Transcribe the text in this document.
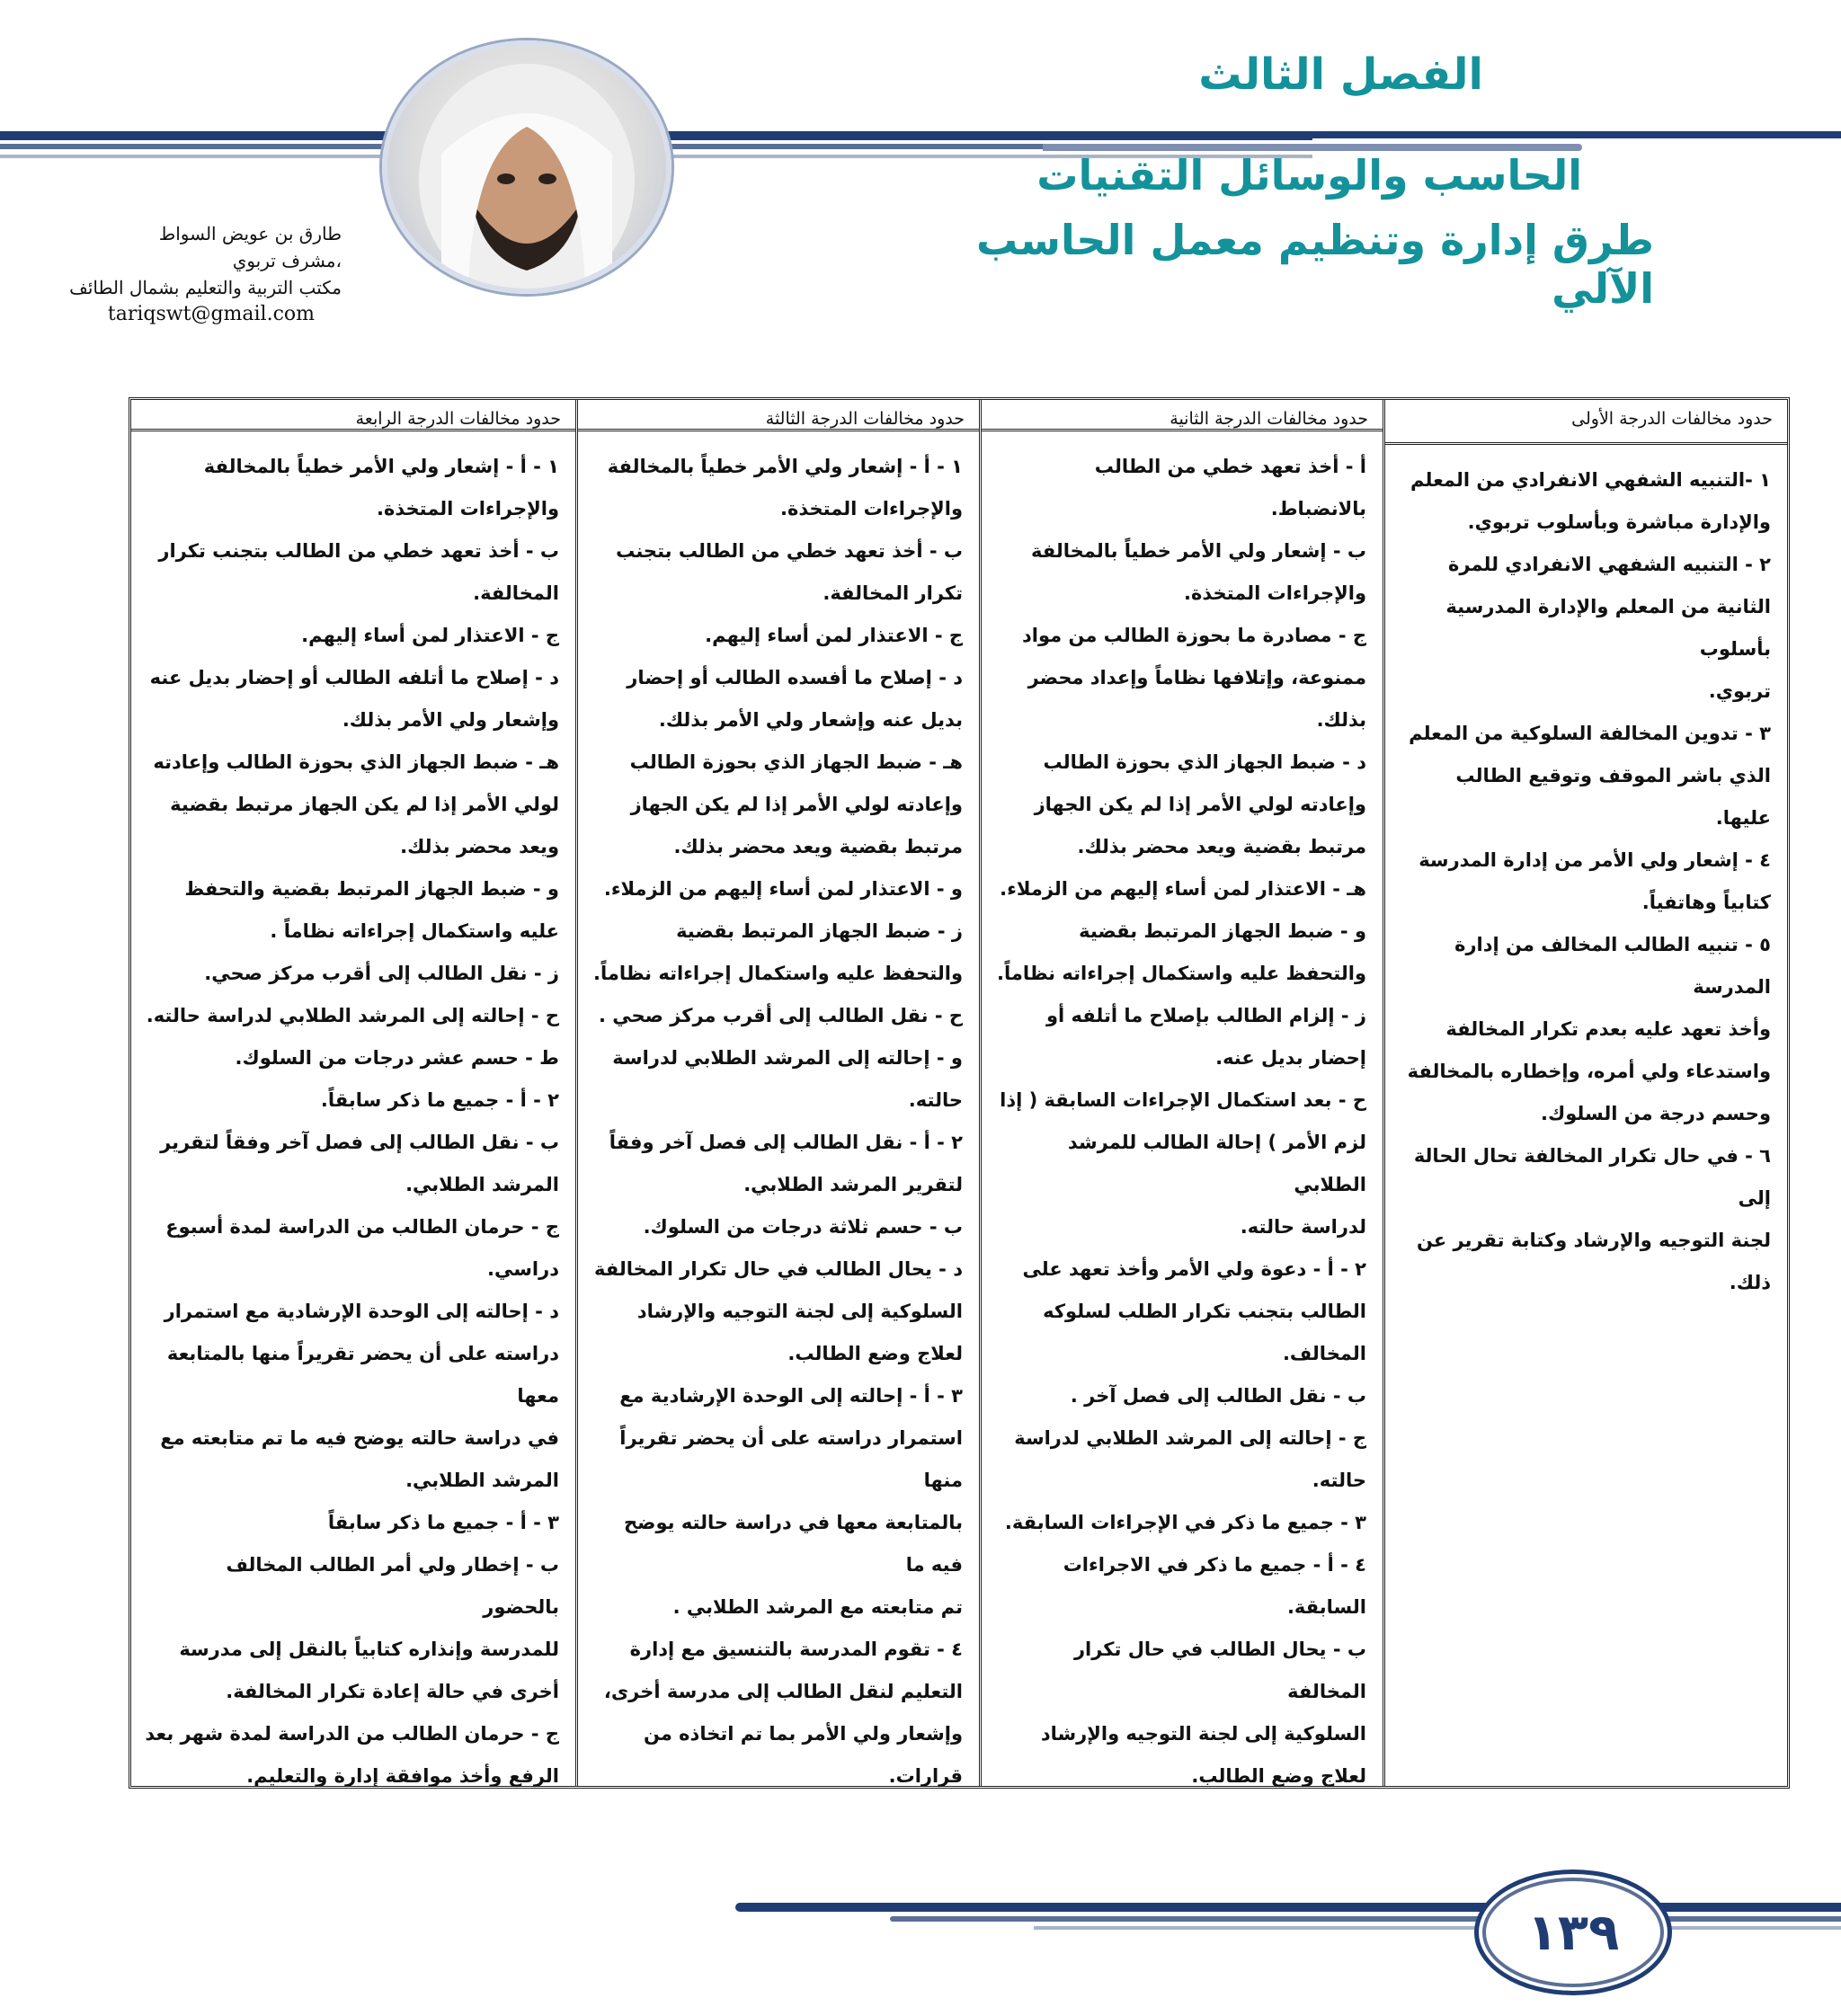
الفصل الثالث
الحاسب والوسائل التقنيات
طرق إدارة وتنظيم معمل الحاسب الآلي
طارق بن عويض السواط
مشرف تربوي،
مكتب التربية والتعليم بشمال الطائف
tariqswt@gmail.com
حدود مخالفات الدرجة الأولى

١ -التنبيه الشفهي الانفرادي من المعلم

والإدارة مباشرة وبأسلوب تربوي.

٢ - التنبيه الشفهي الانفرادي للمرة

الثانية من المعلم والإدارة المدرسية بأسلوب

تربوي.

٣ - تدوين المخالفة السلوكية من المعلم

الذي باشر الموقف وتوقيع الطالب عليها.

٤ - إشعار ولي الأمر من إدارة المدرسة

كتابياً وهاتفياً.

٥ - تنبيه الطالب المخالف من إدارة المدرسة

وأخذ تعهد عليه بعدم تكرار المخالفة

واستدعاء ولي أمره، وإخطاره بالمخالفة

وحسم درجة من السلوك.

٦ - في حال تكرار المخالفة تحال الحالة إلى

لجنة التوجيه والإرشاد وكتابة تقرير عن

ذلك.

حدود مخالفات الدرجة الثانية

أ - أخذ تعهد خطي من الطالب

بالانضباط.

ب - إشعار ولي الأمر خطياً بالمخالفة

والإجراءات المتخذة.

ج - مصادرة ما بحوزة الطالب من مواد

ممنوعة، وإتلافها نظاماً وإعداد محضر

بذلك.

د - ضبط الجهاز الذي بحوزة الطالب

وإعادته لولي الأمر إذا لم يكن الجهاز

مرتبط بقضية ويعد محضر بذلك.

هـ - الاعتذار لمن أساء إليهم من الزملاء.

و - ضبط الجهاز المرتبط بقضية

والتحفظ عليه واستكمال إجراءاته نظاماً.

ز - إلزام الطالب بإصلاح ما أتلفه أو

إحضار بديل عنه.

ح - بعد استكمال الإجراءات السابقة ( إذا

لزم الأمر ) إحالة الطالب للمرشد الطلابي

لدراسة حالته.

٢ - أ - دعوة ولي الأمر وأخذ تعهد على

الطالب بتجنب تكرار الطلب لسلوكه

المخالف.

ب - نقل الطالب إلى فصل آخر .

ج - إحالته إلى المرشد الطلابي لدراسة

حالته.

٣ - جميع ما ذكر في الإجراءات السابقة.

٤ - أ - جميع ما ذكر في الاجراءات

السابقة.

ب - يحال الطالب في حال تكرار المخالفة

السلوكية إلى لجنة التوجيه والإرشاد

لعلاج وضع الطالب.

حدود مخالفات الدرجة الثالثة

١ - أ - إشعار ولي الأمر خطياً بالمخالفة

والإجراءات المتخذة.

ب - أخذ تعهد خطي من الطالب بتجنب

تكرار المخالفة.

ج - الاعتذار لمن أساء إليهم.

د - إصلاح ما أفسده الطالب أو إحضار

بديل عنه وإشعار ولي الأمر بذلك.

هـ - ضبط الجهاز الذي بحوزة الطالب

وإعادته لولي الأمر إذا لم يكن الجهاز

مرتبط بقضية ويعد محضر بذلك.

و - الاعتذار لمن أساء إليهم من الزملاء.

ز - ضبط الجهاز المرتبط بقضية

والتحفظ عليه واستكمال إجراءاته نظاماً.

ح - نقل الطالب إلى أقرب مركز صحي .

و - إحالته إلى المرشد الطلابي لدراسة

حالته.

٢ - أ - نقل الطالب إلى فصل آخر وفقاً

لتقرير المرشد الطلابي.

ب - حسم ثلاثة درجات من السلوك.

د - يحال الطالب في حال تكرار المخالفة

السلوكية إلى لجنة التوجيه والإرشاد

لعلاج وضع الطالب.

٣ - أ - إحالته إلى الوحدة الإرشادية مع

استمرار دراسته على أن يحضر تقريراً منها

بالمتابعة معها في دراسة حالته يوضح فيه ما

تم متابعته مع المرشد الطلابي .

٤ - تقوم المدرسة بالتنسيق مع إدارة

التعليم لنقل الطالب إلى مدرسة أخرى،

وإشعار ولي الأمر بما تم اتخاذه من قرارات.

حدود مخالفات الدرجة الرابعة

١ - أ - إشعار ولي الأمر خطياً بالمخالفة

والإجراءات المتخذة.

ب - أخذ تعهد خطي من الطالب بتجنب تكرار

المخالفة.

ج - الاعتذار لمن أساء إليهم.

د - إصلاح ما أتلفه الطالب أو إحضار بديل عنه

وإشعار ولي الأمر بذلك.

هـ - ضبط الجهاز الذي بحوزة الطالب وإعادته

لولي الأمر إذا لم يكن الجهاز مرتبط بقضية

ويعد محضر بذلك.

و - ضبط الجهاز المرتبط بقضية والتحفظ

عليه واستكمال إجراءاته نظاماً .

ز - نقل الطالب إلى أقرب مركز صحي.

ح - إحالته إلى المرشد الطلابي لدراسة حالته.

ط - حسم عشر درجات من السلوك.

٢ - أ - جميع ما ذكر سابقاً.

ب - نقل الطالب إلى فصل آخر وفقاً لتقرير

المرشد الطلابي.

ج - حرمان الطالب من الدراسة لمدة أسبوع

دراسي.

د - إحالته إلى الوحدة الإرشادية مع استمرار

دراسته على أن يحضر تقريراً منها بالمتابعة معها

في دراسة حالته يوضح فيه ما تم متابعته مع

المرشد الطلابي.

٣ - أ - جميع ما ذكر سابقاً

ب - إخطار ولي أمر الطالب المخالف بالحضور

للمدرسة وإنذاره كتابياً بالنقل إلى مدرسة

أخرى في حالة إعادة تكرار المخالفة.

ج - حرمان الطالب من الدراسة لمدة شهر بعد

الرفع وأخذ موافقة إدارة والتعليم.

١٣٩
